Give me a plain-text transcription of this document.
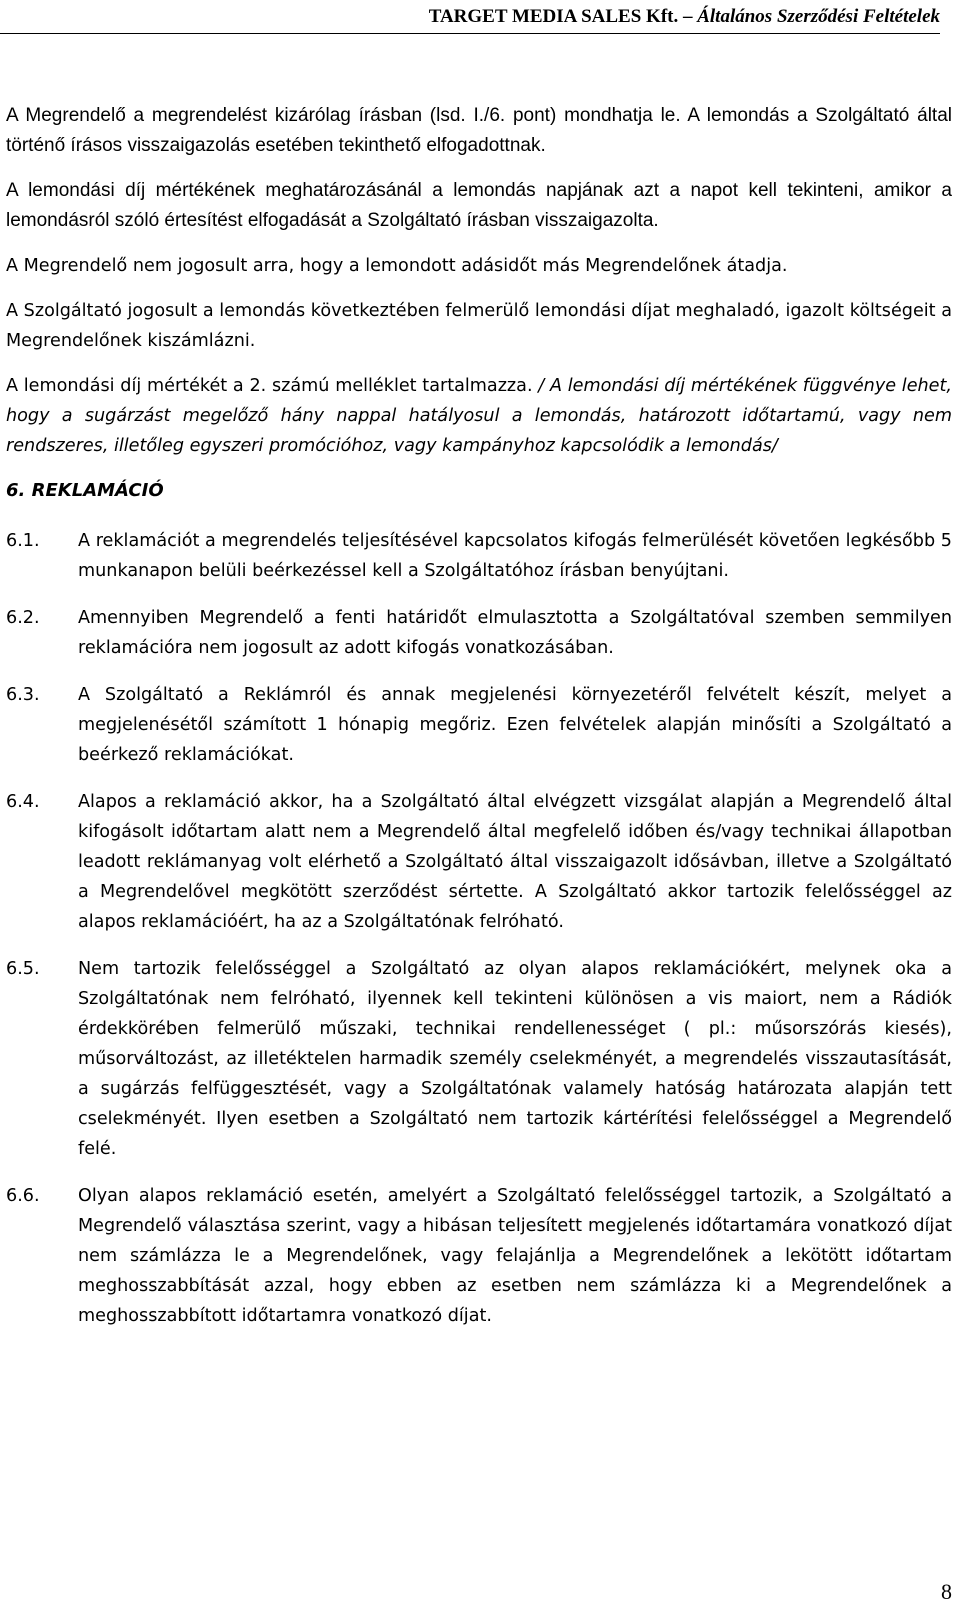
TARGET MEDIA SALES Kft. – Általános Szerződési Feltételek

A Megrendelő a megrendelést kizárólag írásban (lsd. I./6. pont) mondhatja le. A lemondás a Szolgáltató által történő írásos visszaigazolás esetében tekinthető elfogadottnak.

A lemondási díj mértékének meghatározásánál a lemondás napjának azt a napot kell tekinteni, amikor a lemondásról szóló értesítést elfogadását a Szolgáltató írásban visszaigazolta.

A Megrendelő nem jogosult arra, hogy a lemondott adásidőt más Megrendelőnek átadja.

A Szolgáltató jogosult a lemondás következtében felmerülő lemondási díjat meghaladó, igazolt költségeit a Megrendelőnek kiszámlázni.

A lemondási díj mértékét a 2. számú melléklet tartalmazza. / A lemondási díj mértékének függvénye lehet, hogy a sugárzást megelőző hány nappal hatályosul a lemondás, határozott időtartamú, vagy nem rendszeres, illetőleg egyszeri promócióhoz, vagy kampányhoz kapcsolódik a lemondás/

6. REKLAMÁCIÓ

6.1. A reklamációt a megrendelés teljesítésével kapcsolatos kifogás felmerülését követően legkésőbb 5 munkanapon belüli beérkezéssel kell a Szolgáltatóhoz írásban benyújtani.

6.2. Amennyiben Megrendelő a fenti határidőt elmulasztotta a Szolgáltatóval szemben semmilyen reklamációra nem jogosult az adott kifogás vonatkozásában.

6.3. A Szolgáltató a Reklámról és annak megjelenési környezetéről felvételt készít, melyet a megjelenésétől számított 1 hónapig megőriz. Ezen felvételek alapján minősíti a Szolgáltató a beérkező reklamációkat.

6.4. Alapos a reklamáció akkor, ha a Szolgáltató által elvégzett vizsgálat alapján a Megrendelő által kifogásolt időtartam alatt nem a Megrendelő által megfelelő időben és/vagy technikai állapotban leadott reklámanyag volt elérhető a Szolgáltató által visszaigazolt idősávban, illetve a Szolgáltató a Megrendelővel megkötött szerződést sértette. A Szolgáltató akkor tartozik felelősséggel az alapos reklamációért, ha az a Szolgáltatónak felróható.

6.5. Nem tartozik felelősséggel a Szolgáltató az olyan alapos reklamációkért, melynek oka a Szolgáltatónak nem felróható, ilyennek kell tekinteni különösen a vis maiort, nem a Rádiók érdekkörében felmerülő műszaki, technikai rendellenességet ( pl.: műsorszórás kiesés), műsorváltozást, az illetéktelen harmadik személy cselekményét, a megrendelés visszautasítását, a sugárzás felfüggesztését, vagy a Szolgáltatónak valamely hatóság határozata alapján tett cselekményét. Ilyen esetben a Szolgáltató nem tartozik kártérítési felelősséggel a Megrendelő felé.

6.6. Olyan alapos reklamáció esetén, amelyért a Szolgáltató felelősséggel tartozik, a Szolgáltató a Megrendelő választása szerint, vagy a hibásan teljesített megjelenés időtartamára vonatkozó díjat nem számlázza le a Megrendelőnek, vagy felajánlja a Megrendelőnek a lekötött időtartam meghosszabbítását azzal, hogy ebben az esetben nem számlázza ki a Megrendelőnek a meghosszabbított időtartamra vonatkozó díjat.

8
